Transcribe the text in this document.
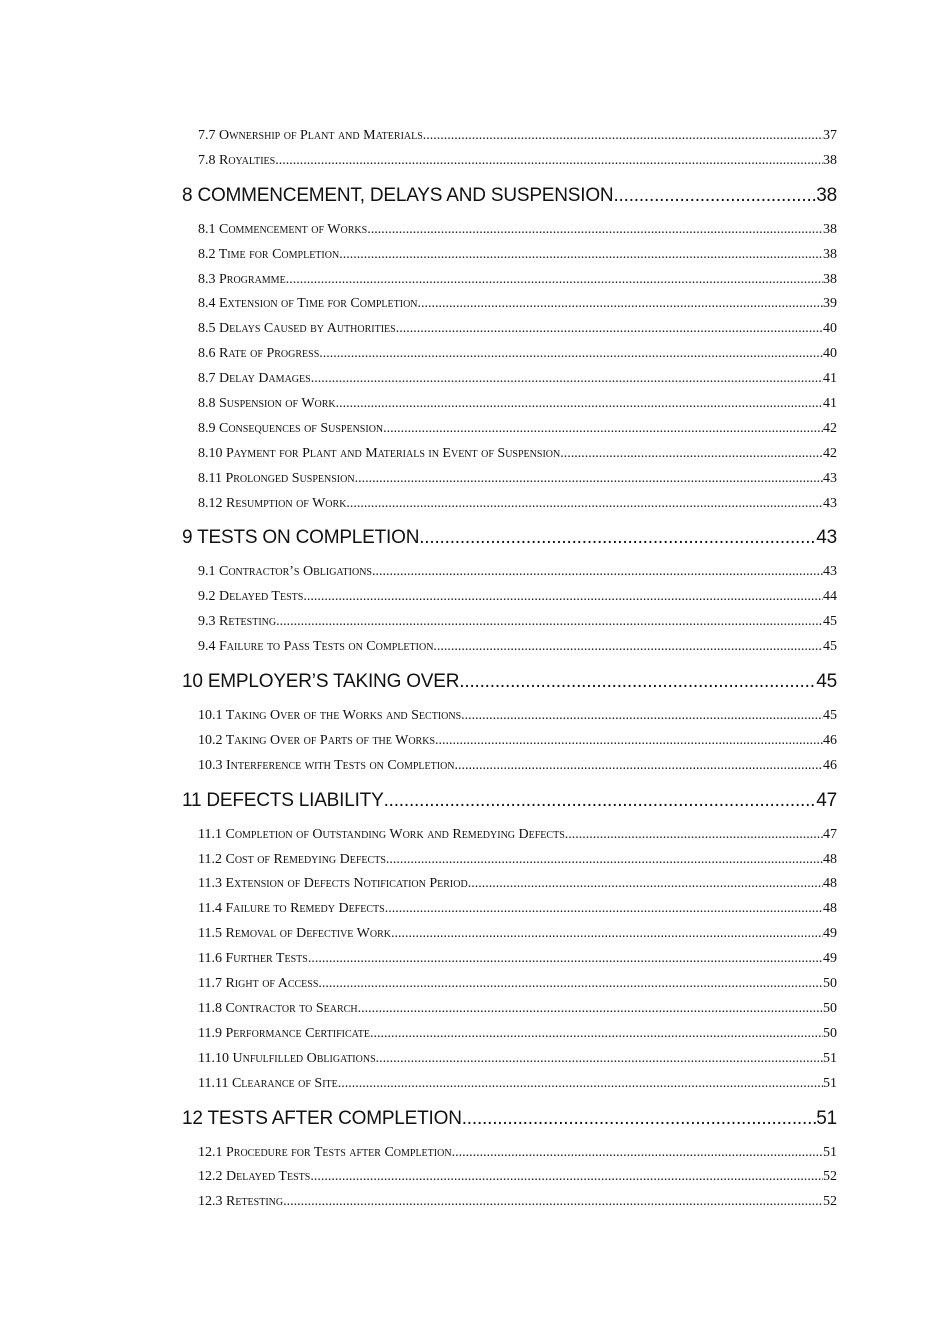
7.7 Ownership of Plant and Materials .....	37
7.8 Royalties .....	38
8 COMMENCEMENT, DELAYS AND SUSPENSION .....	38
8.1 Commencement of Works .....	38
8.2 Time for Completion .....	38
8.3 Programme .....	38
8.4 Extension of Time for Completion .....	39
8.5 Delays Caused by Authorities .....	40
8.6 Rate of Progress .....	40
8.7 Delay Damages .....	41
8.8 Suspension of Work .....	41
8.9 Consequences of Suspension .....	42
8.10 Payment for Plant and Materials in Event of Suspension .....	42
8.11 Prolonged Suspension .....	43
8.12 Resumption of Work .....	43
9 TESTS ON COMPLETION .....	43
9.1 Contractor’s Obligations .....	43
9.2 Delayed Tests .....	44
9.3 Retesting .....	45
9.4 Failure to Pass Tests on Completion .....	45
10 EMPLOYER’S TAKING OVER .....	45
10.1 Taking Over of the Works and Sections .....	45
10.2 Taking Over of Parts of the Works .....	46
10.3 Interference with Tests on Completion .....	46
11 DEFECTS LIABILITY .....	47
11.1 Completion of Outstanding Work and Remedying Defects .....	47
11.2 Cost of Remedying Defects .....	48
11.3 Extension of Defects Notification Period .....	48
11.4 Failure to Remedy Defects .....	48
11.5 Removal of Defective Work .....	49
11.6 Further Tests .....	49
11.7 Right of Access .....	50
11.8 Contractor to Search .....	50
11.9 Performance Certificate .....	50
11.10 Unfulfilled Obligations .....	51
11.11 Clearance of Site .....	51
12 TESTS AFTER COMPLETION .....	51
12.1 Procedure for Tests after Completion .....	51
12.2 Delayed Tests .....	52
12.3 Retesting .....	52
